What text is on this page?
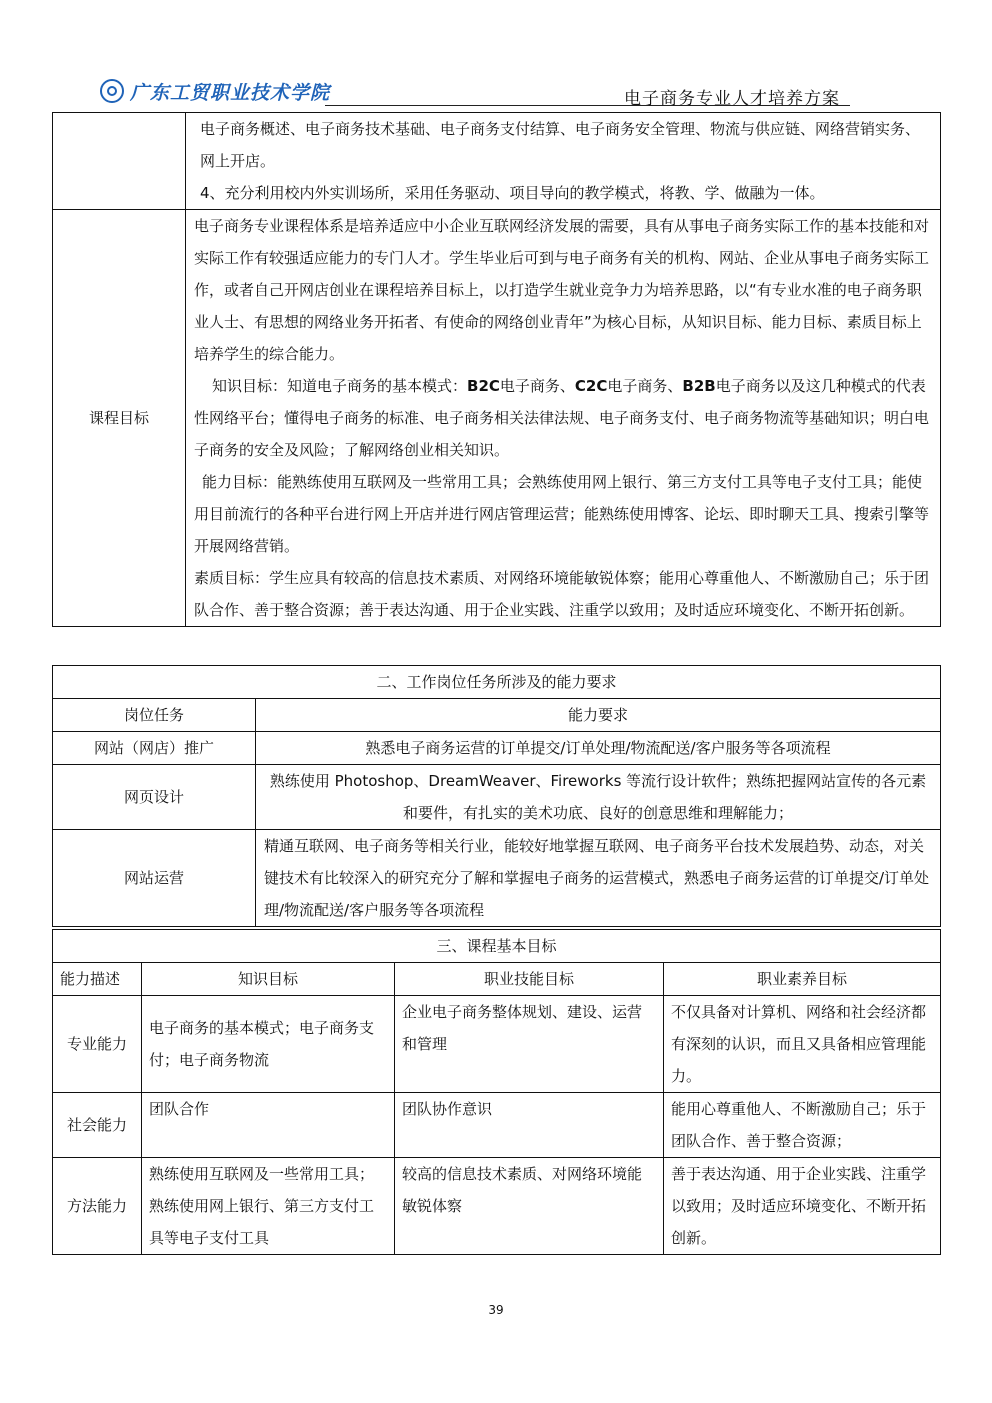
广东工贸职业技术学院	电子商务专业人才培养方案

	电子商务概述、电子商务技术基础、电子商务支付结算、电子商务安全管理、物流与供应链、网络营销实务、网上开店。
4、充分利用校内外实训场所，采用任务驱动、项目导向的教学模式，将教、学、做融为一体。

课程目标	电子商务专业课程体系是培养适应中小企业互联网经济发展的需要，具有从事电子商务实际工作的基本技能和对实际工作有较强适应能力的专门人才。学生毕业后可到与电子商务有关的机构、网站、企业从事电子商务实际工作，或者自己开网店创业在课程培养目标上，以打造学生就业竞争力为培养思路，以“有专业水准的电子商务职业人士、有思想的网络业务开拓者、有使命的网络创业青年”为核心目标，从知识目标、能力目标、素质目标上培养学生的综合能力。
知识目标：知道电子商务的基本模式：B2C电子商务、C2C电子商务、B2B电子商务以及这几种模式的代表性网络平台；懂得电子商务的标准、电子商务相关法律法规、电子商务支付、电子商务物流等基础知识；明白电子商务的安全及风险；了解网络创业相关知识。
能力目标：能熟练使用互联网及一些常用工具；会熟练使用网上银行、第三方支付工具等电子支付工具；能使用目前流行的各种平台进行网上开店并进行网店管理运营；能熟练使用博客、论坛、即时聊天工具、搜索引擎等开展网络营销。
素质目标：学生应具有较高的信息技术素质、对网络环境能敏锐体察；能用心尊重他人、不断激励自己；乐于团队合作、善于整合资源；善于表达沟通、用于企业实践、注重学以致用；及时适应环境变化、不断开拓创新。
二、工作岗位任务所涉及的能力要求	
岗位任务	能力要求
网站（网店）推广	熟悉电子商务运营的订单提交/订单处理/物流配送/客户服务等各项流程
网页设计	熟练使用 Photoshop、DreamWeaver、Fireworks 等流行设计软件；熟练把握网站宣传的各元素和要件，有扎实的美术功底、良好的创意思维和理解能力；
网站运营	精通互联网、电子商务等相关行业，能较好地掌握互联网、电子商务平台技术发展趋势、动态，对关键技术有比较深入的研究充分了解和掌握电子商务的运营模式，熟悉电子商务运营的订单提交/订单处理/物流配送/客户服务等各项流程
三、课程基本目标			
能力描述	知识目标	职业技能目标	职业素养目标
专业能力	电子商务的基本模式；电子商务支付；电子商务物流	企业电子商务整体规划、建设、运营和管理	不仅具备对计算机、网络和社会经济都有深刻的认识，而且又具备相应管理能力。
社会能力	团队合作	团队协作意识	能用心尊重他人、不断激励自己；乐于团队合作、善于整合资源；
方法能力	熟练使用互联网及一些常用工具；熟练使用网上银行、第三方支付工具等电子支付工具	较高的信息技术素质、对网络环境能敏锐体察	善于表达沟通、用于企业实践、注重学以致用；及时适应环境变化、不断开拓创新。
39
